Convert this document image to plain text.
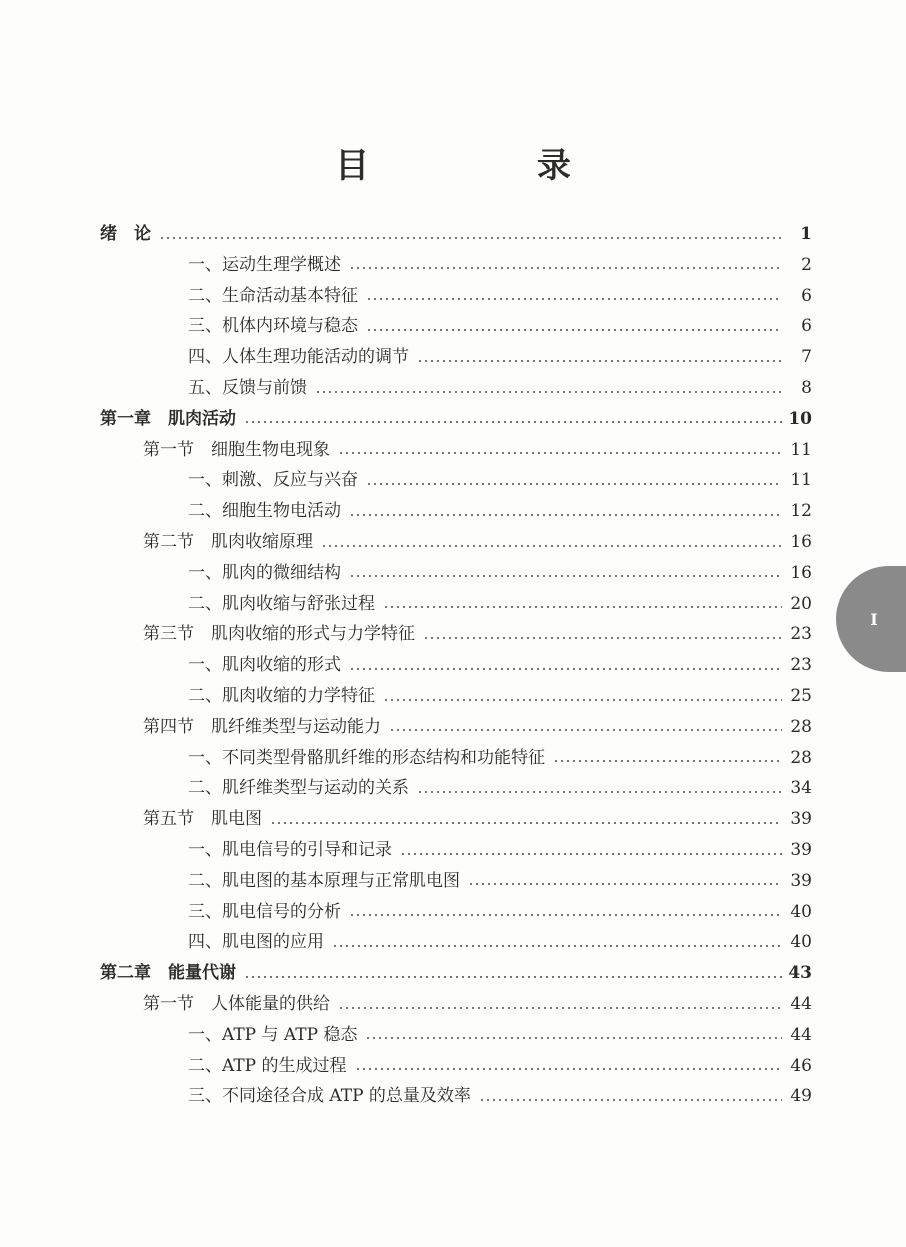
目 录
绪　论	1
一、运动生理学概述	2
二、生命活动基本特征	6
三、机体内环境与稳态	6
四、人体生理功能活动的调节	7
五、反馈与前馈	8
第一章　肌肉活动	10
第一节　细胞生物电现象	11
一、刺激、反应与兴奋	11
二、细胞生物电活动	12
第二节　肌肉收缩原理	16
一、肌肉的微细结构	16
二、肌肉收缩与舒张过程	20
第三节　肌肉收缩的形式与力学特征	23
一、肌肉收缩的形式	23
二、肌肉收缩的力学特征	25
第四节　肌纤维类型与运动能力	28
一、不同类型骨骼肌纤维的形态结构和功能特征	28
二、肌纤维类型与运动的关系	34
第五节　肌电图	39
一、肌电信号的引导和记录	39
二、肌电图的基本原理与正常肌电图	39
三、肌电信号的分析	40
四、肌电图的应用	40
第二章　能量代谢	43
第一节　人体能量的供给	44
一、ATP 与 ATP 稳态	44
二、ATP 的生成过程	46
三、不同途径合成 ATP 的总量及效率	49
I
